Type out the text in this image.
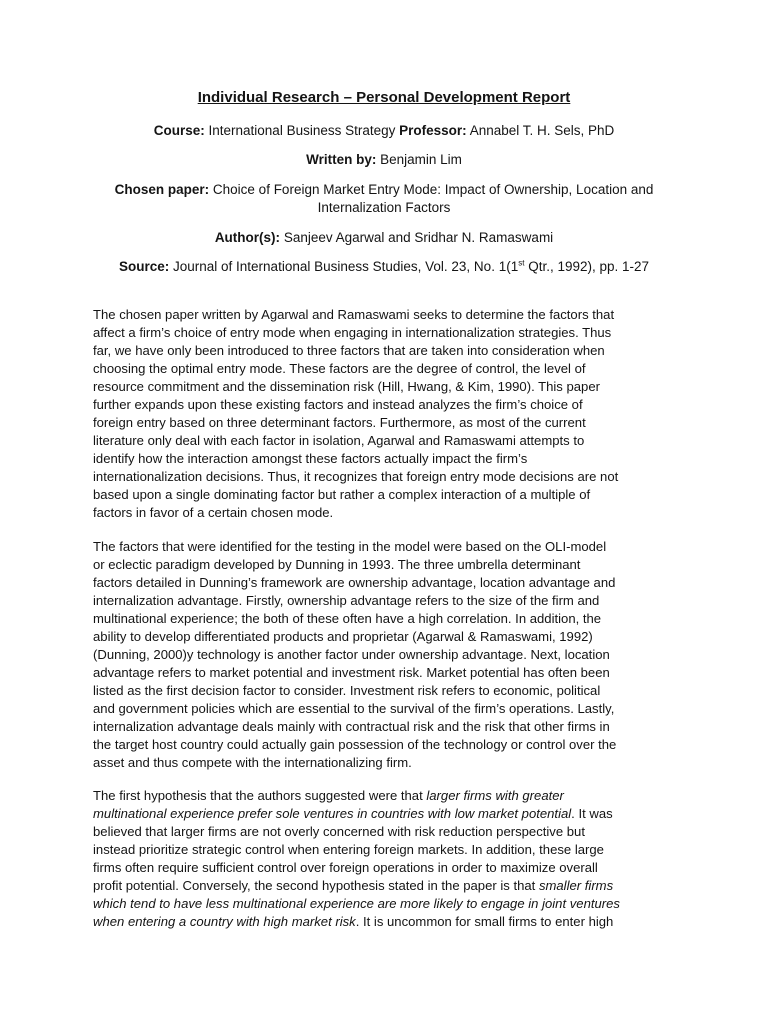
Individual Research – Personal Development Report
Course: International Business Strategy Professor: Annabel T. H. Sels, PhD
Written by: Benjamin Lim
Chosen paper: Choice of Foreign Market Entry Mode: Impact of Ownership, Location and
Internalization Factors
Author(s): Sanjeev Agarwal and Sridhar N. Ramaswami
Source: Journal of International Business Studies, Vol. 23, No. 1(1st Qtr., 1992), pp. 1-27
The chosen paper written by Agarwal and Ramaswami seeks to determine the factors that
affect a firm’s choice of entry mode when engaging in internationalization strategies. Thus
far, we have only been introduced to three factors that are taken into consideration when
choosing the optimal entry mode. These factors are the degree of control, the level of
resource commitment and the dissemination risk (Hill, Hwang, & Kim, 1990). This paper
further expands upon these existing factors and instead analyzes the firm’s choice of
foreign entry based on three determinant factors. Furthermore, as most of the current
literature only deal with each factor in isolation, Agarwal and Ramaswami attempts to
identify how the interaction amongst these factors actually impact the firm’s
internationalization decisions. Thus, it recognizes that foreign entry mode decisions are not
based upon a single dominating factor but rather a complex interaction of a multiple of
factors in favor of a certain chosen mode.
The factors that were identified for the testing in the model were based on the OLI-model
or eclectic paradigm developed by Dunning in 1993. The three umbrella determinant
factors detailed in Dunning’s framework are ownership advantage, location advantage and
internalization advantage. Firstly, ownership advantage refers to the size of the firm and
multinational experience; the both of these often have a high correlation. In addition, the
ability to develop differentiated products and proprietar (Agarwal & Ramaswami, 1992)
(Dunning, 2000)y technology is another factor under ownership advantage. Next, location
advantage refers to market potential and investment risk. Market potential has often been
listed as the first decision factor to consider. Investment risk refers to economic, political
and government policies which are essential to the survival of the firm’s operations. Lastly,
internalization advantage deals mainly with contractual risk and the risk that other firms in
the target host country could actually gain possession of the technology or control over the
asset and thus compete with the internationalizing firm.
The first hypothesis that the authors suggested were that larger firms with greater
multinational experience prefer sole ventures in countries with low market potential. It was
believed that larger firms are not overly concerned with risk reduction perspective but
instead prioritize strategic control when entering foreign markets. In addition, these large
firms often require sufficient control over foreign operations in order to maximize overall
profit potential. Conversely, the second hypothesis stated in the paper is that smaller firms
which tend to have less multinational experience are more likely to engage in joint ventures
when entering a country with high market risk. It is uncommon for small firms to enter high
